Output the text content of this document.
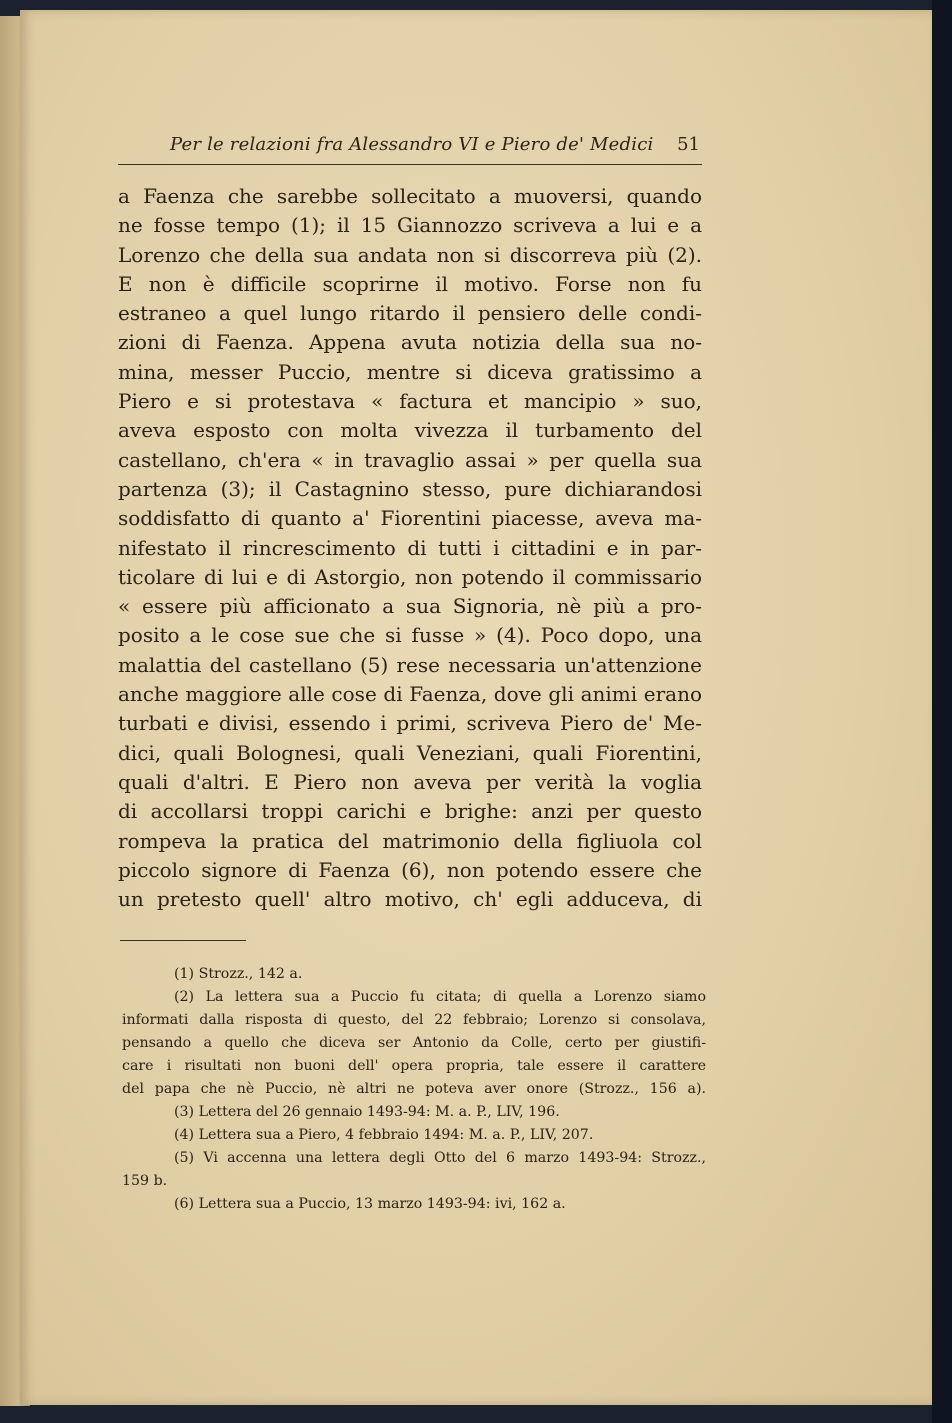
Per le relazioni fra Alessandro VI e Piero de' Medici 51
a Faenza che sarebbe sollecitato a muoversi, quando
ne fosse tempo (1); il 15 Giannozzo scriveva a lui e a
Lorenzo che della sua andata non si discorreva più (2).
E non è difficile scoprirne il motivo. Forse non fu
estraneo a quel lungo ritardo il pensiero delle condi-
zioni di Faenza. Appena avuta notizia della sua no-
mina, messer Puccio, mentre si diceva gratissimo a
Piero e si protestava « factura et mancipio » suo,
aveva esposto con molta vivezza il turbamento del
castellano, ch'era « in travaglio assai » per quella sua
partenza (3); il Castagnino stesso, pure dichiarandosi
soddisfatto di quanto a' Fiorentini piacesse, aveva ma-
nifestato il rincrescimento di tutti i cittadini e in par-
ticolare di lui e di Astorgio, non potendo il commissario
« essere più afficionato a sua Signoria, nè più a pro-
posito a le cose sue che si fusse » (4). Poco dopo, una
malattia del castellano (5) rese necessaria un'attenzione
anche maggiore alle cose di Faenza, dove gli animi erano
turbati e divisi, essendo i primi, scriveva Piero de' Me-
dici, quali Bolognesi, quali Veneziani, quali Fiorentini,
quali d'altri. E Piero non aveva per verità la voglia
di accollarsi troppi carichi e brighe: anzi per questo
rompeva la pratica del matrimonio della figliuola col
piccolo signore di Faenza (6), non potendo essere che
un pretesto quell' altro motivo, ch' egli adduceva, di
(1) Strozz., 142 a.
(2) La lettera sua a Puccio fu citata; di quella a Lorenzo siamo
informati dalla risposta di questo, del 22 febbraio; Lorenzo si consolava,
pensando a quello che diceva ser Antonio da Colle, certo per giustifi-
care i risultati non buoni dell' opera propria, tale essere il carattere
del papa che nè Puccio, nè altri ne poteva aver onore (Strozz., 156 a).
(3) Lettera del 26 gennaio 1493-94: M. a. P., LIV, 196.
(4) Lettera sua a Piero, 4 febbraio 1494: M. a. P., LIV, 207.
(5) Vi accenna una lettera degli Otto del 6 marzo 1493-94: Strozz.,
159 b.
(6) Lettera sua a Puccio, 13 marzo 1493-94: ivi, 162 a.
